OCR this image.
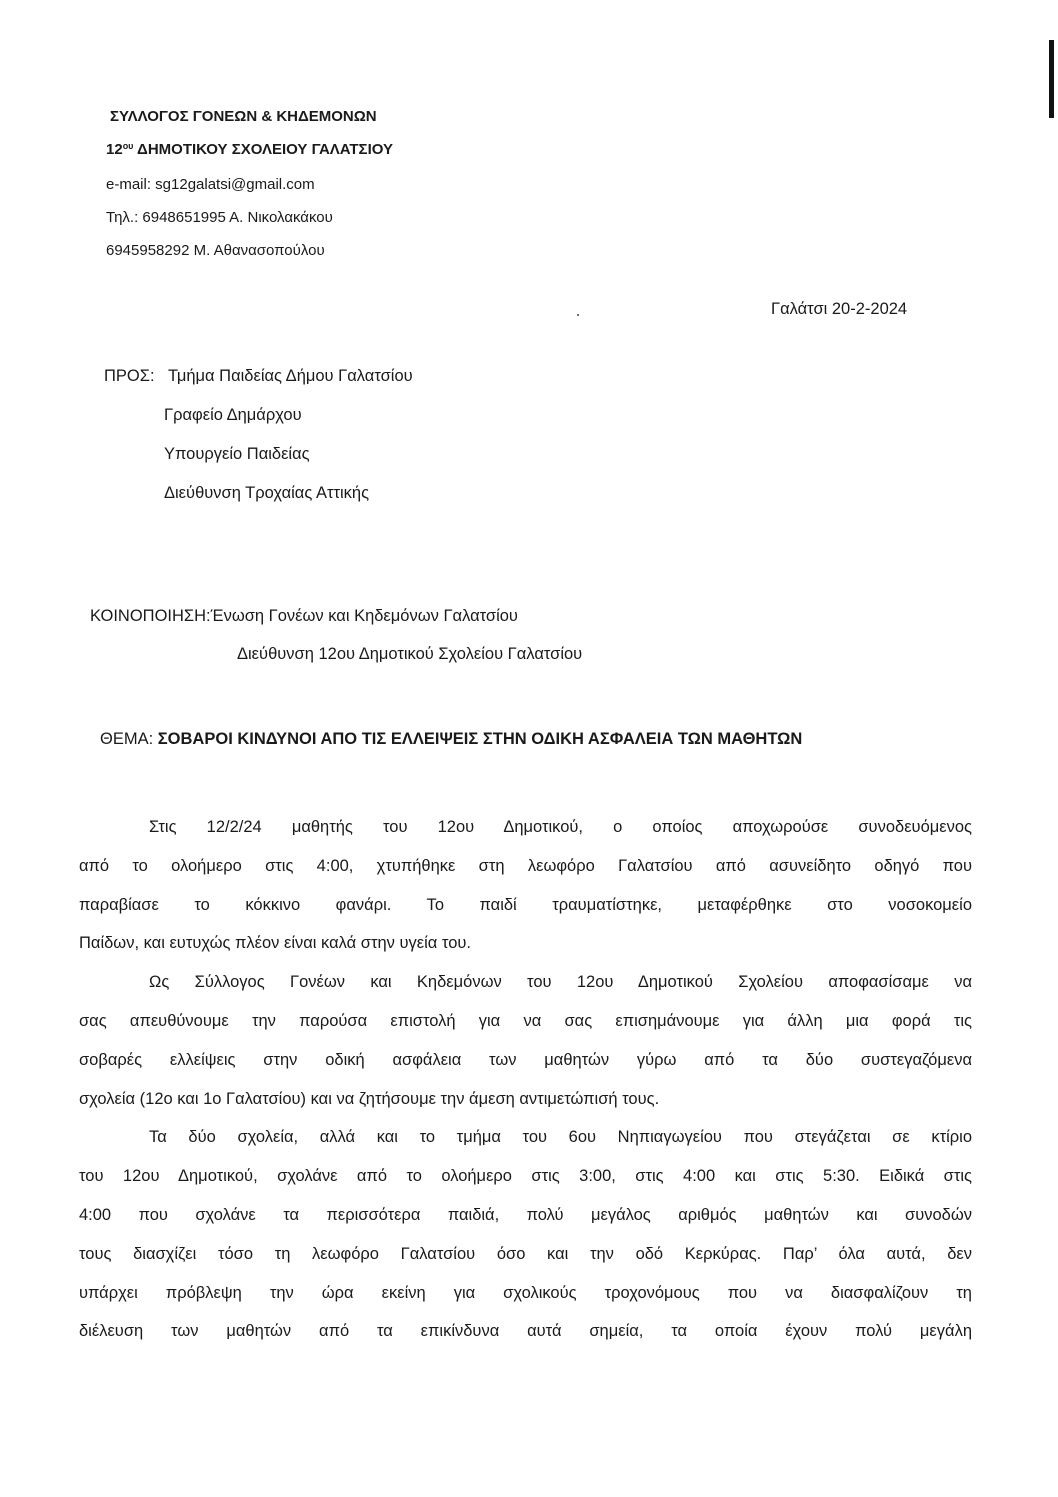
ΣΥΛΛΟΓΟΣ ΓΟΝΕΩΝ & ΚΗΔΕΜΟΝΩΝ
$12^{o\upsilon}$ ΔΗΜΟΤΙΚΟΥ ΣΧΟΛΕΙΟΥ ΓΑΛΑΤΣΙΟΥ
e-mail: sg12galatsi@gmail.com
Τηλ.: 6948651995 Α. Νικολακάκου
6945958292 Μ. Αθανασοπούλου
Γαλάτσι 20-2-2024
ΠΡΟΣ: Τμήμα Παιδείας Δήμου Γαλατσίου
Γραφείο Δημάρχου
Υπουργείο Παιδείας
Διεύθυνση Τροχαίας Αττικής
ΚΟΙΝΟΠΟΙΗΣΗ:Ένωση Γονέων και Κηδεμόνων Γαλατσίου
Διεύθυνση 12ου Δημοτικού Σχολείου Γαλατσίου
ΘΕΜΑ: ΣΟΒΑΡΟΙ ΚΙΝΔΥΝΟΙ ΑΠΟ ΤΙΣ ΕΛΛΕΙΨΕΙΣ ΣΤΗΝ ΟΔΙΚΗ ΑΣΦΑΛΕΙΑ ΤΩΝ ΜΑΘΗΤΩΝ
Στις 12/2/24 μαθητής του 12ου Δημοτικού, ο οποίος αποχωρούσε συνοδευόμενος
από το ολοήμερο στις 4:00, χτυπήθηκε στη λεωφόρο Γαλατσίου από ασυνείδητο οδηγό που
παραβίασε το κόκκινο φανάρι. Το παιδί τραυματίστηκε, μεταφέρθηκε στο νοσοκομείο
Παίδων, και ευτυχώς πλέον είναι καλά στην υγεία του.
Ως Σύλλογος Γονέων και Κηδεμόνων του 12ου Δημοτικού Σχολείου αποφασίσαμε να
σας απευθύνουμε την παρούσα επιστολή για να σας επισημάνουμε για άλλη μια φορά τις
σοβαρές ελλείψεις στην οδική ασφάλεια των μαθητών γύρω από τα δύο συστεγαζόμενα
σχολεία (12ο και 1ο Γαλατσίου) και να ζητήσουμε την άμεση αντιμετώπισή τους.
Τα δύο σχολεία, αλλά και το τμήμα του 6ου Νηπιαγωγείου που στεγάζεται σε κτίριο
του 12ου Δημοτικού, σχολάνε από το ολοήμερο στις 3:00, στις 4:00 και στις 5:30. Ειδικά στις
4:00 που σχολάνε τα περισσότερα παιδιά, πολύ μεγάλος αριθμός μαθητών και συνοδών
τους διασχίζει τόσο τη λεωφόρο Γαλατσίου όσο και την οδό Κερκύρας. Παρ’ όλα αυτά, δεν
υπάρχει πρόβλεψη την ώρα εκείνη για σχολικούς τροχονόμους που να διασφαλίζουν τη
διέλευση των μαθητών από τα επικίνδυνα αυτά σημεία, τα οποία έχουν πολύ μεγάλη
